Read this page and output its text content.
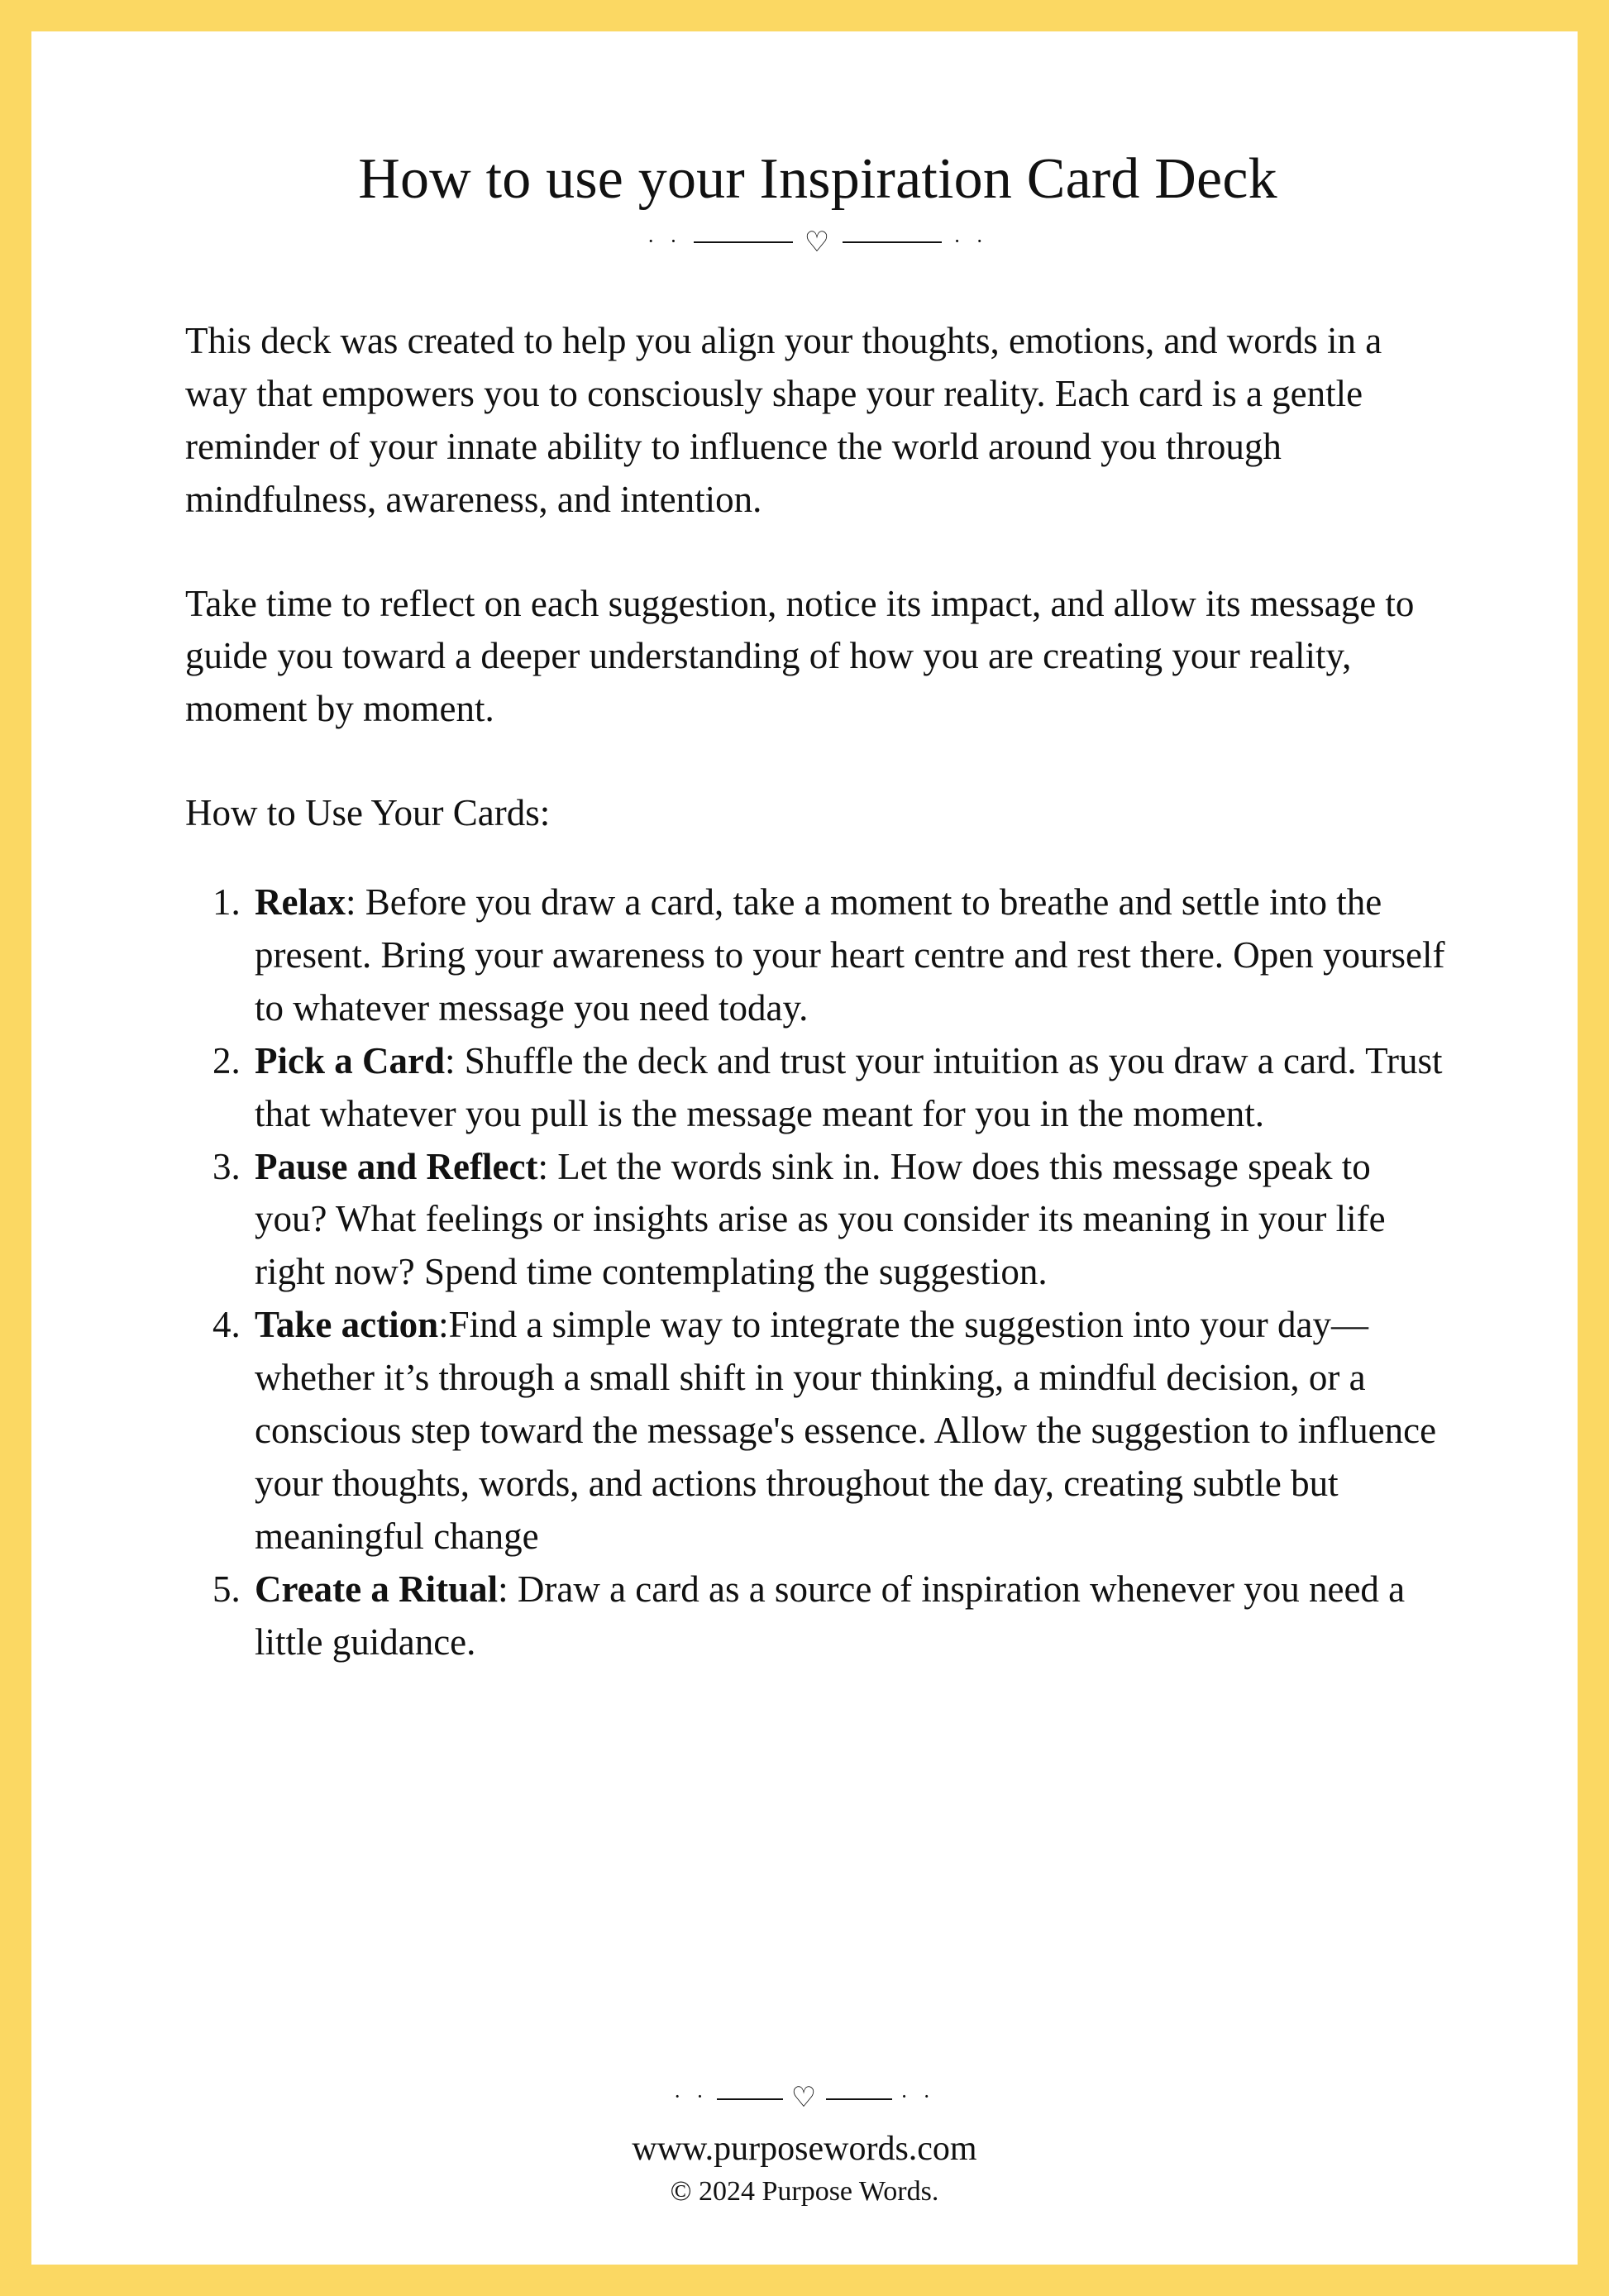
How to use your Inspiration Card Deck
· ·	♡	· ·

This deck was created to help you align your thoughts, emotions, and words in a way that empowers you to consciously shape your reality. Each card is a gentle reminder of your innate ability to influence the world around you through mindfulness, awareness, and intention.

Take time to reflect on each suggestion, notice its impact, and allow its message to guide you toward a deeper understanding of how you are creating your reality, moment by moment.

How to Use Your Cards:

1. Relax: Before you draw a card, take a moment to breathe and settle into the present. Bring your awareness to your heart centre and rest there. Open yourself to whatever message you need today.
2. Pick a Card: Shuffle the deck and trust your intuition as you draw a card. Trust that whatever you pull is the message meant for you in the moment.
3. Pause and Reflect: Let the words sink in. How does this message speak to you? What feelings or insights arise as you consider its meaning in your life right now? Spend time contemplating the suggestion.
4. Take action:Find a simple way to integrate the suggestion into your day—whether it’s through a small shift in your thinking, a mindful decision, or a conscious step toward the message's essence. Allow the suggestion to influence your thoughts, words, and actions throughout the day, creating subtle but meaningful change
5. Create a Ritual: Draw a card as a source of inspiration whenever you need a little guidance.
· ·	♡	· ·
www.purposewords.com
© 2024 Purpose Words.
